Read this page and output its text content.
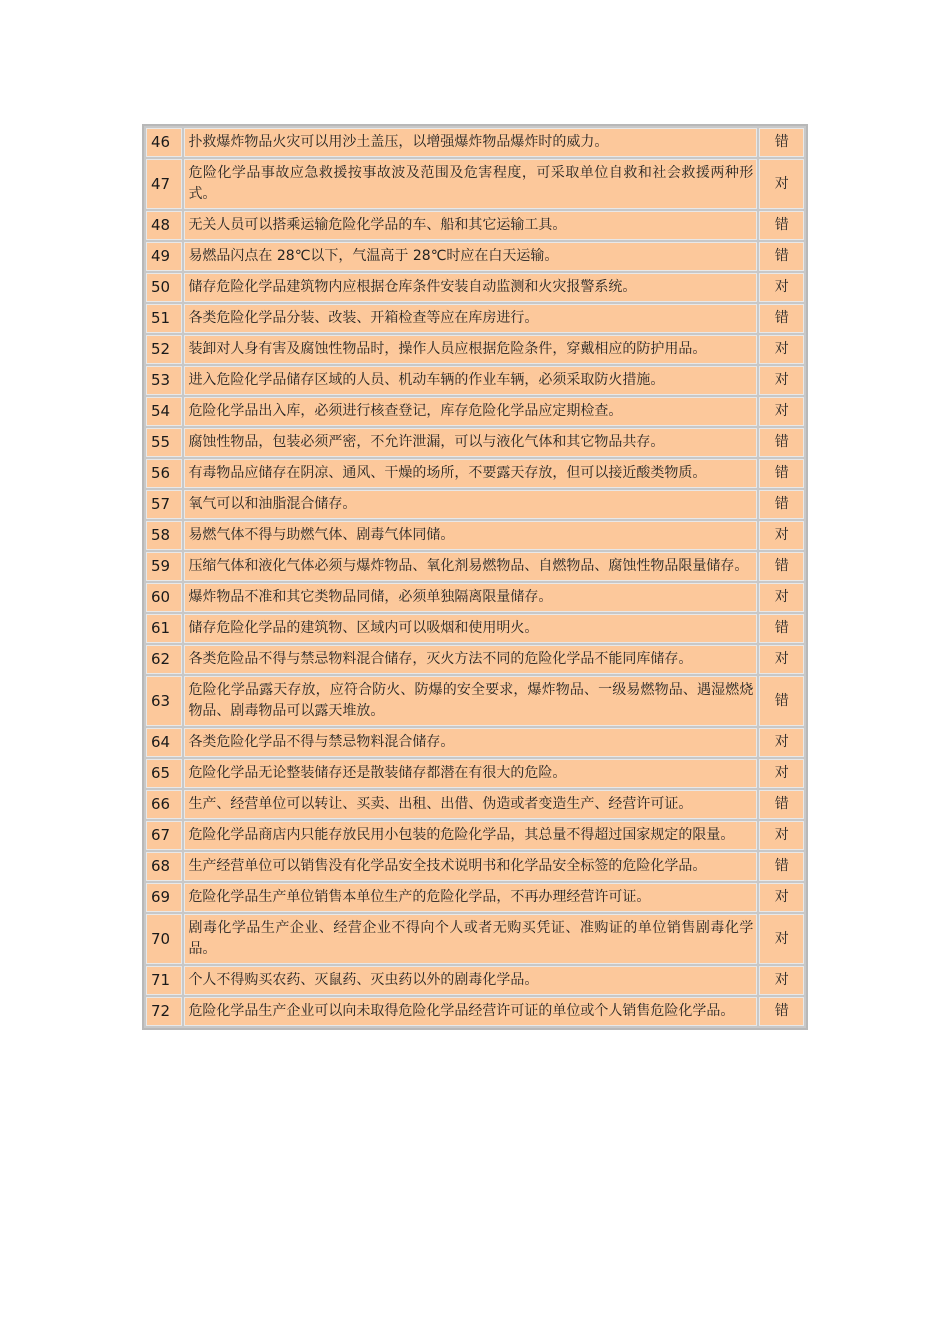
46	扑救爆炸物品火灾可以用沙土盖压，以增强爆炸物品爆炸时的威力。	错
47	危险化学品事故应急救援按事故波及范围及危害程度，可采取单位自救和社会救援两种形式。	对
48	无关人员可以搭乘运输危险化学品的车、船和其它运输工具。	错
49	易燃品闪点在 28℃以下，气温高于 28℃时应在白天运输。	错
50	储存危险化学品建筑物内应根据仓库条件安装自动监测和火灾报警系统。	对
51	各类危险化学品分装、改装、开箱检查等应在库房进行。	错
52	装卸对人身有害及腐蚀性物品时，操作人员应根据危险条件，穿戴相应的防护用品。	对
53	进入危险化学品储存区域的人员、机动车辆的作业车辆，必须采取防火措施。	对
54	危险化学品出入库，必须进行核查登记，库存危险化学品应定期检查。	对
55	腐蚀性物品，包装必须严密，不允许泄漏，可以与液化气体和其它物品共存。	错
56	有毒物品应储存在阴凉、通风、干燥的场所，不要露天存放，但可以接近酸类物质。	错
57	氧气可以和油脂混合储存。	错
58	易燃气体不得与助燃气体、剧毒气体同储。	对
59	压缩气体和液化气体必须与爆炸物品、氧化剂易燃物品、自燃物品、腐蚀性物品限量储存。	错
60	爆炸物品不准和其它类物品同储，必须单独隔离限量储存。	对
61	储存危险化学品的建筑物、区域内可以吸烟和使用明火。	错
62	各类危险品不得与禁忌物料混合储存，灭火方法不同的危险化学品不能同库储存。	对
63	危险化学品露天存放，应符合防火、防爆的安全要求，爆炸物品、一级易燃物品、遇湿燃烧物品、剧毒物品可以露天堆放。	错
64	各类危险化学品不得与禁忌物料混合储存。	对
65	危险化学品无论整装储存还是散装储存都潜在有很大的危险。	对
66	生产、经营单位可以转让、买卖、出租、出借、伪造或者变造生产、经营许可证。	错
67	危险化学品商店内只能存放民用小包装的危险化学品，其总量不得超过国家规定的限量。	对
68	生产经营单位可以销售没有化学品安全技术说明书和化学品安全标签的危险化学品。	错
69	危险化学品生产单位销售本单位生产的危险化学品，不再办理经营许可证。	对
70	剧毒化学品生产企业、经营企业不得向个人或者无购买凭证、准购证的单位销售剧毒化学品。	对
71	个人不得购买农药、灭鼠药、灭虫药以外的剧毒化学品。	对
72	危险化学品生产企业可以向未取得危险化学品经营许可证的单位或个人销售危险化学品。	错
